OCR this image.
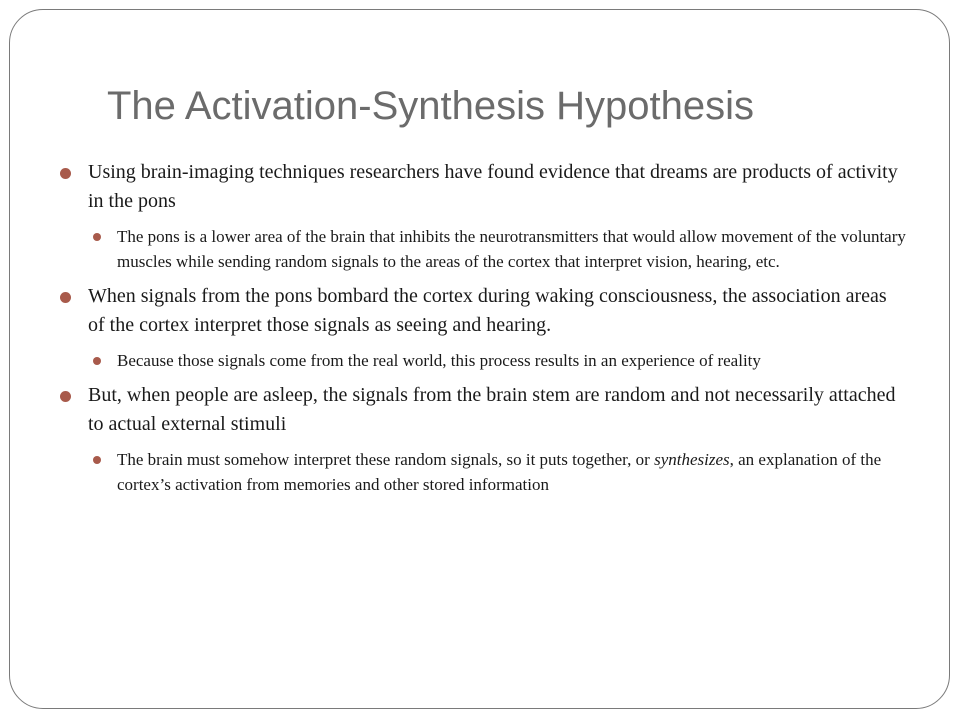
The Activation-Synthesis Hypothesis
Using brain-imaging techniques researchers have found evidence that dreams are products of activity in the pons
The pons is a lower area of the brain that inhibits the neurotransmitters that would allow movement of the voluntary muscles while sending random signals to the areas of the cortex that interpret vision, hearing, etc.
When signals from the pons bombard the cortex during waking consciousness, the association areas of the cortex interpret those signals as seeing and hearing.
Because those signals come from the real world, this process results in an experience of reality
But, when people are asleep, the signals from the brain stem are random and not necessarily attached to actual external stimuli
The brain must somehow interpret these random signals, so it puts together, or synthesizes, an explanation of the cortex’s activation from memories and other stored information
